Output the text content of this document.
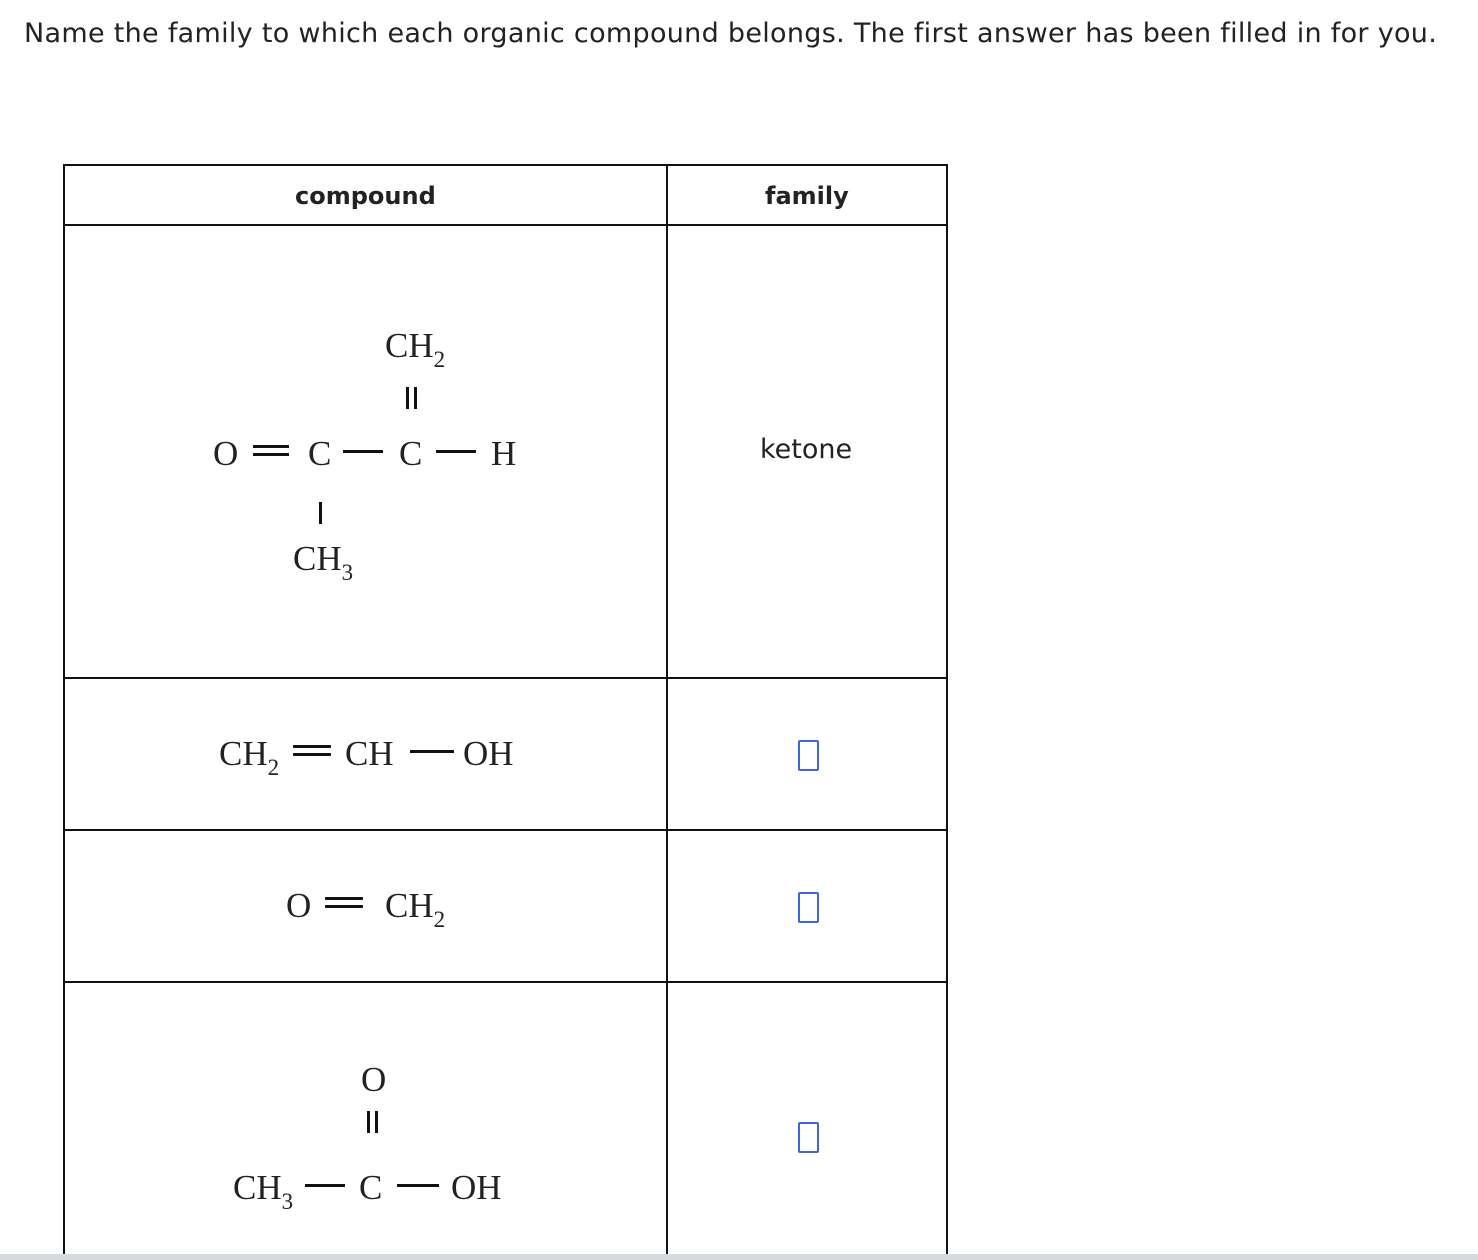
Name the family to which each organic compound belongs. The first answer has been filled in for you.
compound	family
$CH_2$
O C C H
$CH_3$
ketone
$CH_2$ CH OH
O $CH_2$
O
$CH_3$ C OH
